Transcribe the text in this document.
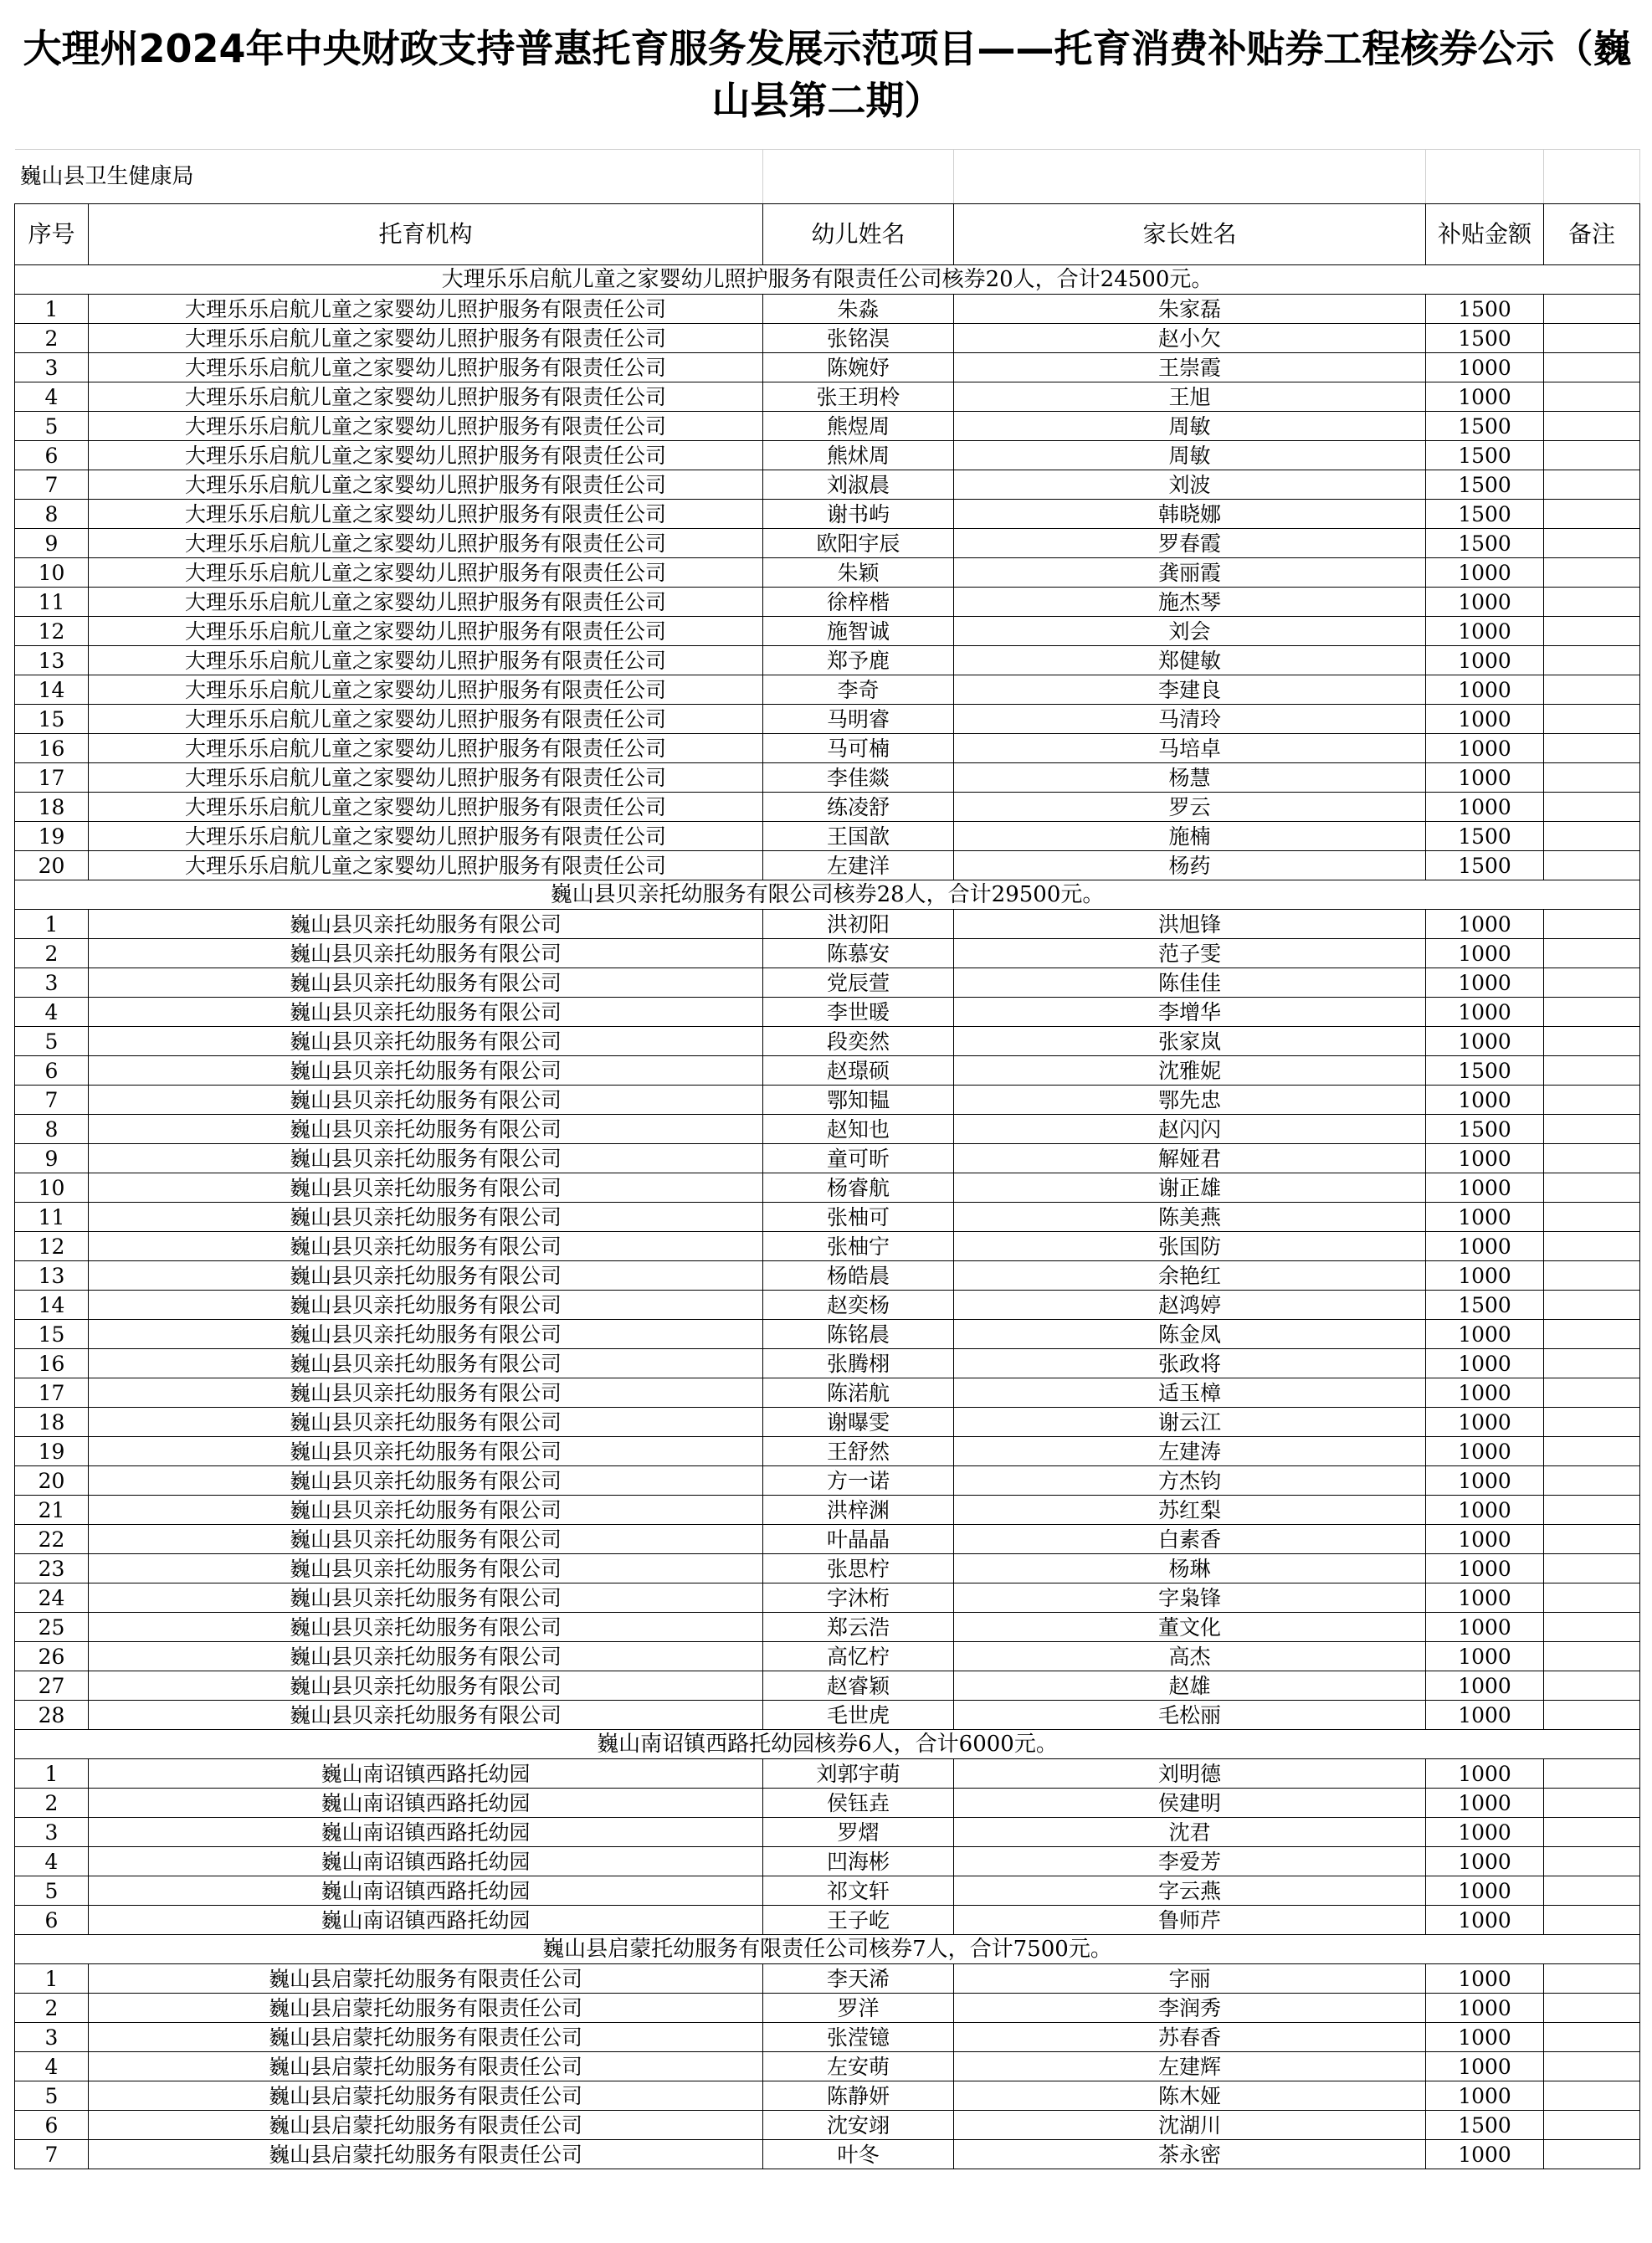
大理州2024年中央财政支持普惠托育服务发展示范项目——托育消费补贴券工程核券公示（巍山县第二期）					

巍山县卫生健康局					
序号	托育机构	幼儿姓名	家长姓名	补贴金额	备注
大理乐乐启航儿童之家婴幼儿照护服务有限责任公司核券20人，合计24500元。					
1	大理乐乐启航儿童之家婴幼儿照护服务有限责任公司	朱淼	朱家磊	1500	
2	大理乐乐启航儿童之家婴幼儿照护服务有限责任公司	张铭淏	赵小欠	1500	
3	大理乐乐启航儿童之家婴幼儿照护服务有限责任公司	陈婉妤	王崇霞	1000	
4	大理乐乐启航儿童之家婴幼儿照护服务有限责任公司	张王玥柃	王旭	1000	
5	大理乐乐启航儿童之家婴幼儿照护服务有限责任公司	熊煜周	周敏	1500	
6	大理乐乐启航儿童之家婴幼儿照护服务有限责任公司	熊炢周	周敏	1500	
7	大理乐乐启航儿童之家婴幼儿照护服务有限责任公司	刘淑晨	刘波	1500	
8	大理乐乐启航儿童之家婴幼儿照护服务有限责任公司	谢书屿	韩晓娜	1500	
9	大理乐乐启航儿童之家婴幼儿照护服务有限责任公司	欧阳宇辰	罗春霞	1500	
10	大理乐乐启航儿童之家婴幼儿照护服务有限责任公司	朱颖	龚丽霞	1000	
11	大理乐乐启航儿童之家婴幼儿照护服务有限责任公司	徐梓楷	施杰琴	1000	
12	大理乐乐启航儿童之家婴幼儿照护服务有限责任公司	施智诚	刘会	1000	
13	大理乐乐启航儿童之家婴幼儿照护服务有限责任公司	郑予鹿	郑健敏	1000	
14	大理乐乐启航儿童之家婴幼儿照护服务有限责任公司	李奇	李建良	1000	
15	大理乐乐启航儿童之家婴幼儿照护服务有限责任公司	马明睿	马清玲	1000	
16	大理乐乐启航儿童之家婴幼儿照护服务有限责任公司	马可楠	马培卓	1000	
17	大理乐乐启航儿童之家婴幼儿照护服务有限责任公司	李佳燚	杨慧	1000	
18	大理乐乐启航儿童之家婴幼儿照护服务有限责任公司	练凌舒	罗云	1000	
19	大理乐乐启航儿童之家婴幼儿照护服务有限责任公司	王国歆	施楠	1500	
20	大理乐乐启航儿童之家婴幼儿照护服务有限责任公司	左建洋	杨药	1500	
巍山县贝亲托幼服务有限公司核券28人，合计29500元。					
1	巍山县贝亲托幼服务有限公司	洪初阳	洪旭锋	1000	
2	巍山县贝亲托幼服务有限公司	陈慕安	范子雯	1000	
3	巍山县贝亲托幼服务有限公司	党辰萱	陈佳佳	1000	
4	巍山县贝亲托幼服务有限公司	李世暖	李增华	1000	
5	巍山县贝亲托幼服务有限公司	段奕然	张家岚	1000	
6	巍山县贝亲托幼服务有限公司	赵璟硕	沈雅妮	1500	
7	巍山县贝亲托幼服务有限公司	鄂知韫	鄂先忠	1000	
8	巍山县贝亲托幼服务有限公司	赵知也	赵闪闪	1500	
9	巍山县贝亲托幼服务有限公司	童可昕	解娅君	1000	
10	巍山县贝亲托幼服务有限公司	杨睿航	谢正雄	1000	
11	巍山县贝亲托幼服务有限公司	张柚可	陈美燕	1000	
12	巍山县贝亲托幼服务有限公司	张柚宁	张国防	1000	
13	巍山县贝亲托幼服务有限公司	杨皓晨	余艳红	1000	
14	巍山县贝亲托幼服务有限公司	赵奕杨	赵鸿婷	1500	
15	巍山县贝亲托幼服务有限公司	陈铭晨	陈金凤	1000	
16	巍山县贝亲托幼服务有限公司	张腾栩	张政将	1000	
17	巍山县贝亲托幼服务有限公司	陈渃航	适玉樟	1000	
18	巍山县贝亲托幼服务有限公司	谢曝雯	谢云江	1000	
19	巍山县贝亲托幼服务有限公司	王舒然	左建涛	1000	
20	巍山县贝亲托幼服务有限公司	方一诺	方杰钧	1000	
21	巍山县贝亲托幼服务有限公司	洪梓渊	苏红梨	1000	
22	巍山县贝亲托幼服务有限公司	叶晶晶	白素香	1000	
23	巍山县贝亲托幼服务有限公司	张思柠	杨琳	1000	
24	巍山县贝亲托幼服务有限公司	字沐桁	字枭锋	1000	
25	巍山县贝亲托幼服务有限公司	郑云浩	董文化	1000	
26	巍山县贝亲托幼服务有限公司	高忆柠	高杰	1000	
27	巍山县贝亲托幼服务有限公司	赵睿颖	赵雄	1000	
28	巍山县贝亲托幼服务有限公司	毛世虎	毛松丽	1000	
巍山南诏镇西路托幼园核券6人，合计6000元。					
1	巍山南诏镇西路托幼园	刘郭宇萌	刘明德	1000	
2	巍山南诏镇西路托幼园	侯钰垚	侯建明	1000	
3	巍山南诏镇西路托幼园	罗熠	沈君	1000	
4	巍山南诏镇西路托幼园	凹海彬	李爱芳	1000	
5	巍山南诏镇西路托幼园	祁文轩	字云燕	1000	
6	巍山南诏镇西路托幼园	王子屹	鲁师芹	1000	
巍山县启蒙托幼服务有限责任公司核券7人，合计7500元。					
1	巍山县启蒙托幼服务有限责任公司	李天浠	字丽	1000	
2	巍山县启蒙托幼服务有限责任公司	罗洋	李润秀	1000	
3	巍山县启蒙托幼服务有限责任公司	张滢镱	苏春香	1000	
4	巍山县启蒙托幼服务有限责任公司	左安萌	左建辉	1000	
5	巍山县启蒙托幼服务有限责任公司	陈静妍	陈木娅	1000	
6	巍山县启蒙托幼服务有限责任公司	沈安翊	沈湖川	1500	
7	巍山县启蒙托幼服务有限责任公司	叶冬	茶永密	1000	
